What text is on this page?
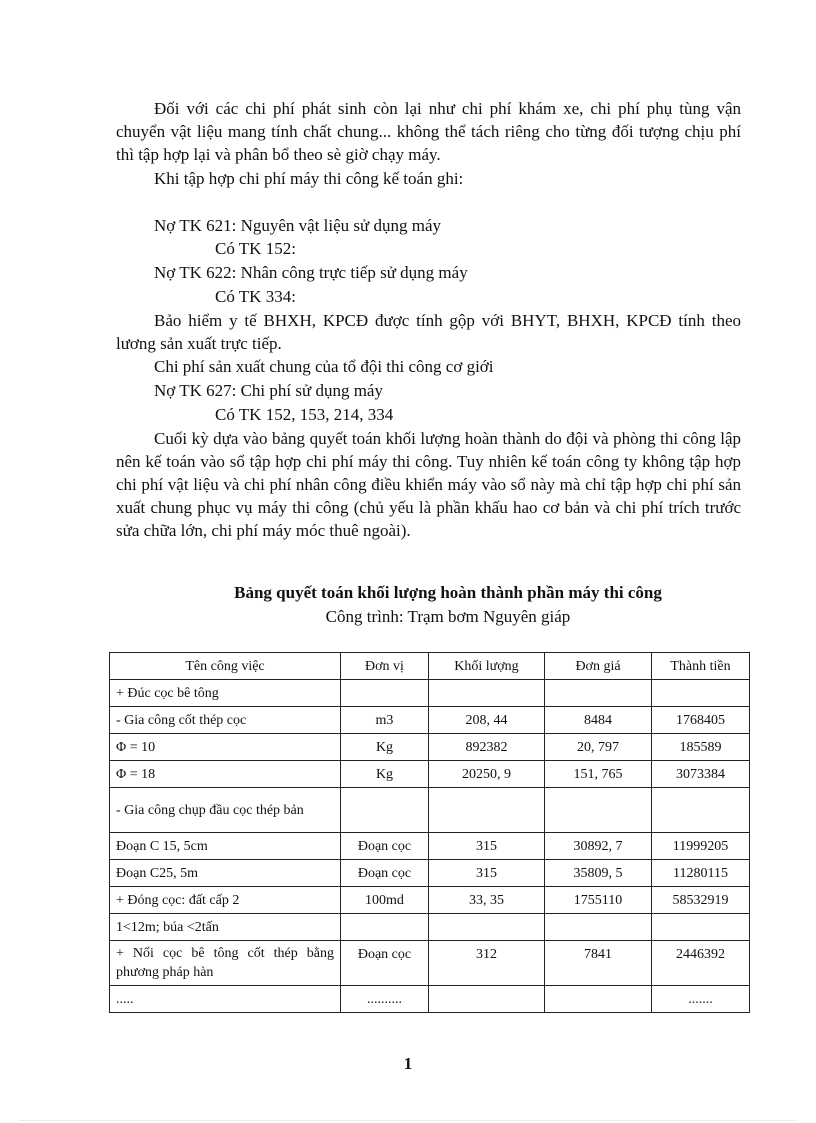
Đối với các chi phí phát sinh còn lại như chi phí khám xe, chi phí phụ tùng vận chuyển vật liệu mang tính chất chung... không thể tách riêng cho từng đối tượng chịu phí thì tập hợp lại và phân bổ theo sè giờ chạy máy.

Khi tập hợp chi phí máy thi công kế toán ghi:

Nợ TK 621: Nguyên vật liệu sử dụng máy

Có TK 152:

Nợ TK 622: Nhân công trực tiếp sử dụng máy

Có TK 334:

Bảo hiểm y tế BHXH, KPCĐ được tính gộp với BHYT, BHXH, KPCĐ tính theo lương sản xuất trực tiếp.

Chi phí sản xuất chung của tổ đội thi công cơ giới

Nợ TK 627: Chi phí sử dụng máy

Có TK 152, 153, 214, 334

Cuối kỳ dựa vào bảng quyết toán khối lượng hoàn thành do đội và phòng thi công lập nên kế toán vào sổ tập hợp chi phí máy thi công. Tuy nhiên kế toán công ty không tập hợp chi phí vật liệu và chi phí nhân công điều khiển máy vào sổ này mà chỉ tập hợp chi phí sản xuất chung phục vụ máy thi công (chủ yếu là phần khấu hao cơ bản và chi phí trích trước sửa chữa lớn, chi phí máy móc thuê ngoài).

Bảng quyết toán khối lượng hoàn thành phần máy thi công

Công trình: Trạm bơm Nguyên giáp

Tên công việc	Đơn vị	Khối lượng	Đơn giá	Thành tiền
+ Đúc cọc bê tông				
- Gia công cốt thép cọc	m3	208, 44	8484	1768405
Φ = 10	Kg	892382	20, 797	185589
Φ = 18	Kg	20250, 9	151, 765	3073384
- Gia công chụp đầu cọc thép bản				
Đoạn C 15, 5cm	Đoạn cọc	315	30892, 7	11999205
Đoạn C25, 5m	Đoạn cọc	315	35809, 5	11280115
+ Đóng cọc: đất cấp 2	100md	33, 35	1755110	58532919
1<12m; búa <2tấn				
+ Nối cọc bê tông cốt thép bằng phương pháp hàn	Đoạn cọc	312	7841	2446392
.....	..........			.......

1
